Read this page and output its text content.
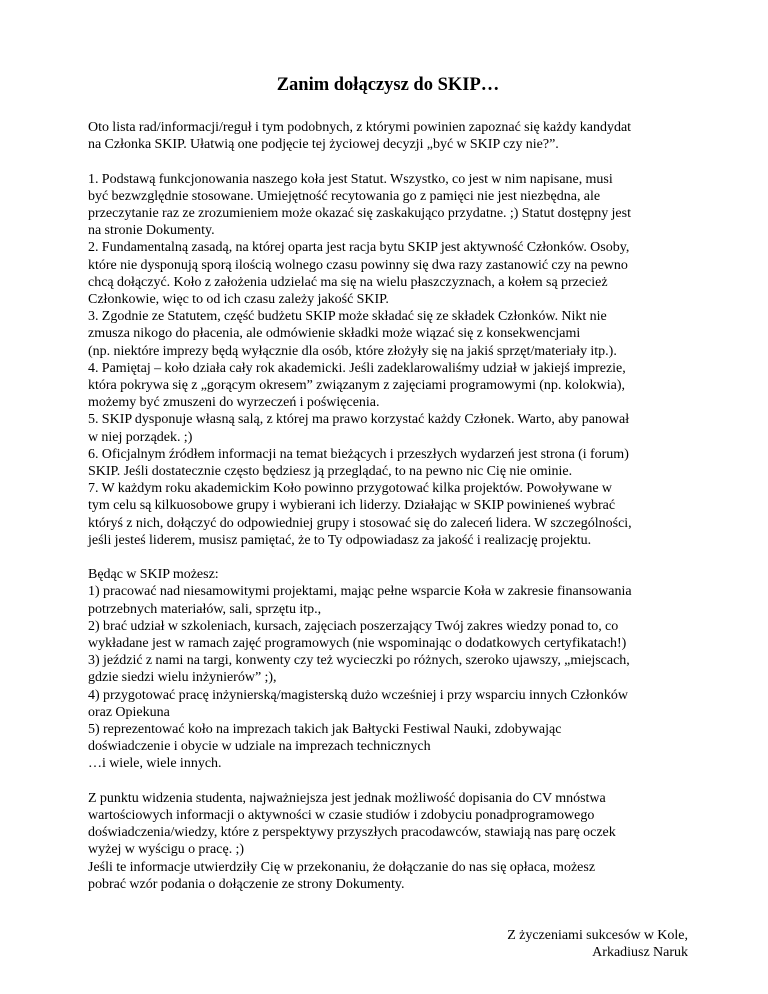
Zanim dołączysz do SKIP…

Oto lista rad/informacji/reguł i tym podobnych, z którymi powinien zapoznać się każdy kandydat
na Członka SKIP. Ułatwią one podjęcie tej życiowej decyzji „być w SKIP czy nie?”.

1. Podstawą funkcjonowania naszego koła jest Statut. Wszystko, co jest w nim napisane, musi
być bezwzględnie stosowane. Umiejętność recytowania go z pamięci nie jest niezbędna, ale
przeczytanie raz ze zrozumieniem może okazać się zaskakująco przydatne. ;) Statut dostępny jest
na stronie Dokumenty.
2. Fundamentalną zasadą, na której oparta jest racja bytu SKIP jest aktywność Członków. Osoby,
które nie dysponują sporą ilością wolnego czasu powinny się dwa razy zastanowić czy na pewno
chcą dołączyć. Koło z założenia udzielać ma się na wielu płaszczyznach, a kołem są przecież
Członkowie, więc to od ich czasu zależy jakość SKIP.
3. Zgodnie ze Statutem, część budżetu SKIP może składać się ze składek Członków. Nikt nie
zmusza nikogo do płacenia, ale odmówienie składki może wiązać się z konsekwencjami
(np. niektóre imprezy będą wyłącznie dla osób, które złożyły się na jakiś sprzęt/materiały itp.).
4. Pamiętaj – koło działa cały rok akademicki. Jeśli zadeklarowaliśmy udział w jakiejś imprezie,
która pokrywa się z „gorącym okresem” związanym z zajęciami programowymi (np. kolokwia),
możemy być zmuszeni do wyrzeczeń i poświęcenia.
5. SKIP dysponuje własną salą, z której ma prawo korzystać każdy Członek. Warto, aby panował
w niej porządek. ;)
6. Oficjalnym źródłem informacji na temat bieżących i przeszłych wydarzeń jest strona (i forum)
SKIP. Jeśli dostatecznie często będziesz ją przeglądać, to na pewno nic Cię nie ominie.
7. W każdym roku akademickim Koło powinno przygotować kilka projektów. Powoływane w
tym celu są kilkuosobowe grupy i wybierani ich liderzy. Działając w SKIP powinieneś wybrać
któryś z nich, dołączyć do odpowiedniej grupy i stosować się do zaleceń lidera. W szczególności,
jeśli jesteś liderem, musisz pamiętać, że to Ty odpowiadasz za jakość i realizację projektu.

Będąc w SKIP możesz:
1) pracować nad niesamowitymi projektami, mając pełne wsparcie Koła w zakresie finansowania
potrzebnych materiałów, sali, sprzętu itp.,
2) brać udział w szkoleniach, kursach, zajęciach poszerzający Twój zakres wiedzy ponad to, co
wykładane jest w ramach zajęć programowych (nie wspominając o dodatkowych certyfikatach!)
3) jeździć z nami na targi, konwenty czy też wycieczki po różnych, szeroko ujawszy, „miejscach,
gdzie siedzi wielu inżynierów” ;),
4) przygotować pracę inżynierską/magisterską dużo wcześniej i przy wsparciu innych Członków
oraz Opiekuna
5) reprezentować koło na imprezach takich jak Bałtycki Festiwal Nauki, zdobywając
doświadczenie i obycie w udziale na imprezach technicznych
…i wiele, wiele innych.

Z punktu widzenia studenta, najważniejsza jest jednak możliwość dopisania do CV mnóstwa
wartościowych informacji o aktywności w czasie studiów i zdobyciu ponadprogramowego
doświadczenia/wiedzy, które z perspektywy przyszłych pracodawców, stawiają nas parę oczek
wyżej w wyścigu o pracę. ;)
Jeśli te informacje utwierdziły Cię w przekonaniu, że dołączanie do nas się opłaca, możesz
pobrać wzór podania o dołączenie ze strony Dokumenty.

Z życzeniami sukcesów w Kole,
Arkadiusz Naruk
